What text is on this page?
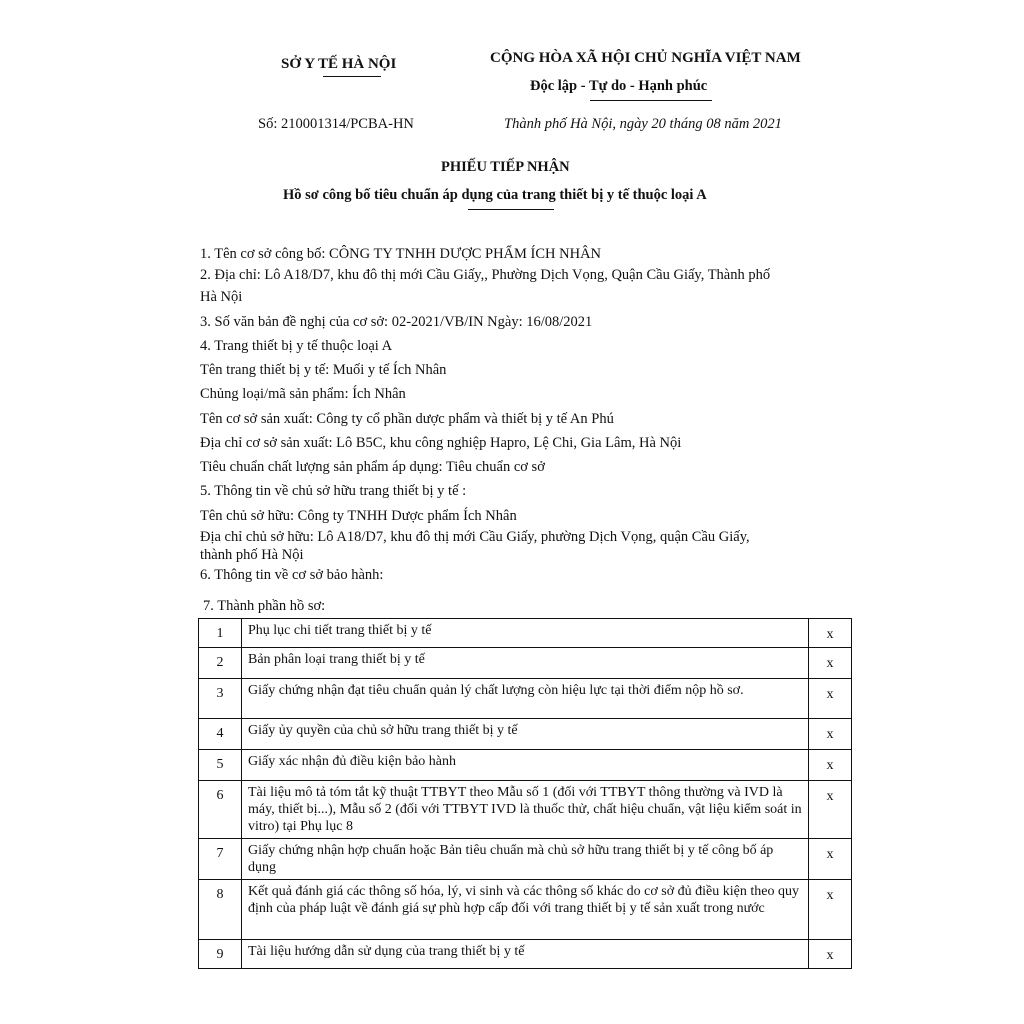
SỞ Y TẾ HÀ NỘI	CỘNG HÒA XÃ HỘI CHỦ NGHĨA VIỆT NAM
Độc lập - Tự do - Hạnh phúc
Số: 210001314/PCBA-HN	Thành phố Hà Nội, ngày 20 tháng 08 năm 2021
PHIẾU TIẾP NHẬN
Hồ sơ công bố tiêu chuẩn áp dụng của trang thiết bị y tế thuộc loại A
1. Tên cơ sở công bố: CÔNG TY TNHH DƯỢC PHẨM ÍCH NHÂN
2. Địa chỉ: Lô A18/D7, khu đô thị mới Cầu Giấy,, Phường Dịch Vọng, Quận Cầu Giấy, Thành phố
Hà Nội
3. Số văn bản đề nghị của cơ sở: 02-2021/VB/IN Ngày: 16/08/2021
4. Trang thiết bị y tế thuộc loại A
Tên trang thiết bị y tế: Muối y tế Ích Nhân
Chủng loại/mã sản phẩm: Ích Nhân
Tên cơ sở sản xuất: Công ty cổ phần dược phẩm và thiết bị y tế An Phú
Địa chỉ cơ sở sản xuất: Lô B5C, khu công nghiệp Hapro, Lệ Chi, Gia Lâm, Hà Nội
Tiêu chuẩn chất lượng sản phẩm áp dụng: Tiêu chuẩn cơ sở
5. Thông tin về chủ sở hữu trang thiết bị y tế :
Tên chủ sở hữu: Công ty TNHH Dược phẩm Ích Nhân
Địa chỉ chủ sở hữu: Lô A18/D7, khu đô thị mới Cầu Giấy, phường Dịch Vọng, quận Cầu Giấy,
thành phố Hà Nội
6. Thông tin về cơ sở bảo hành:
7. Thành phần hồ sơ:
1	Phụ lục chi tiết trang thiết bị y tế	x
2	Bản phân loại trang thiết bị y tế	x
3	Giấy chứng nhận đạt tiêu chuẩn quản lý chất lượng còn hiệu lực tại thời điểm nộp hồ sơ.	x
4	Giấy ủy quyền của chủ sở hữu trang thiết bị y tế	x
5	Giấy xác nhận đủ điều kiện bảo hành	x
6	Tài liệu mô tả tóm tắt kỹ thuật TTBYT theo Mẫu số 1 (đối với TTBYT thông thường và IVD là máy, thiết bị...), Mẫu số 2 (đối với TTBYT IVD là thuốc thử, chất hiệu chuẩn, vật liệu kiểm soát in vitro) tại Phụ lục 8	x
7	Giấy chứng nhận hợp chuẩn hoặc Bản tiêu chuẩn mà chủ sở hữu trang thiết bị y tế công bố áp dụng	x
8	Kết quả đánh giá các thông số hóa, lý, vi sinh và các thông số khác do cơ sở đủ điều kiện theo quy định của pháp luật về đánh giá sự phù hợp cấp đối với trang thiết bị y tế sản xuất trong nước	x
9	Tài liệu hướng dẫn sử dụng của trang thiết bị y tế	x
